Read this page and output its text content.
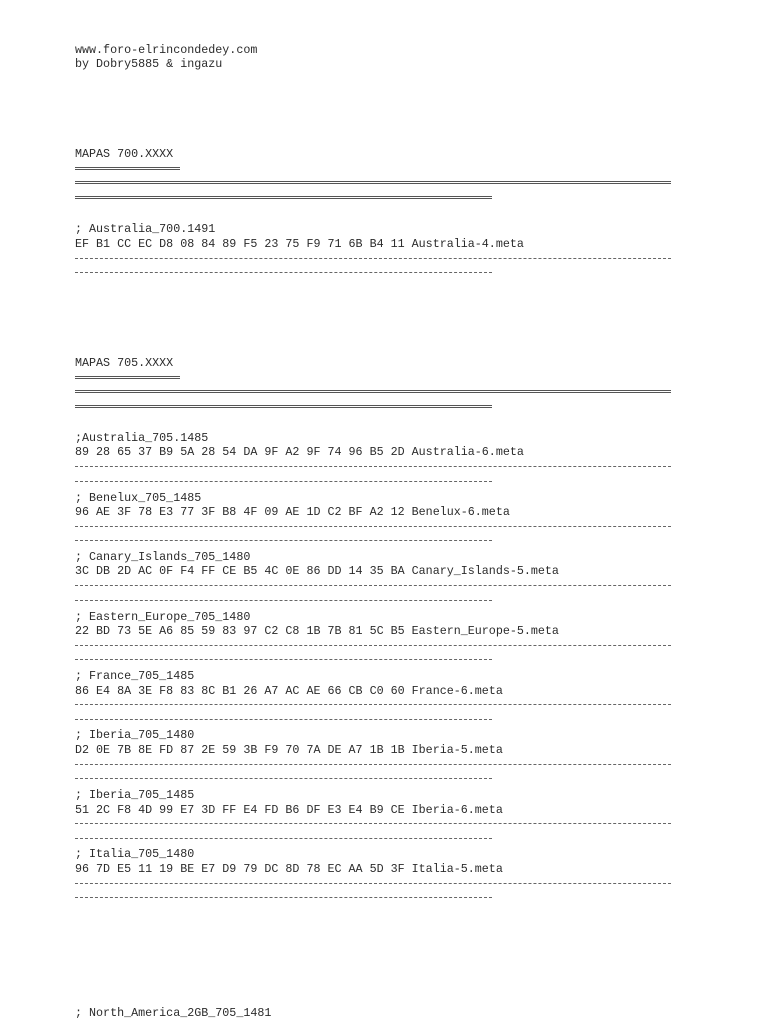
www.foro-elrincondedey.com
by Dobry5885 & ingazu
MAPAS 700.XXXX
; Australia_700.1491
EF B1 CC EC D8 08 84 89 F5 23 75 F9 71 6B B4 11 Australia-4.meta
MAPAS 705.XXXX
;Australia_705.1485
89 28 65 37 B9 5A 28 54 DA 9F A2 9F 74 96 B5 2D Australia-6.meta
; Benelux_705_1485
96 AE 3F 78 E3 77 3F B8 4F 09 AE 1D C2 BF A2 12 Benelux-6.meta
; Canary_Islands_705_1480
3C DB 2D AC 0F F4 FF CE B5 4C 0E 86 DD 14 35 BA Canary_Islands-5.meta
; Eastern_Europe_705_1480
22 BD 73 5E A6 85 59 83 97 C2 C8 1B 7B 81 5C B5 Eastern_Europe-5.meta
; France_705_1485
86 E4 8A 3E F8 83 8C B1 26 A7 AC AE 66 CB C0 60 France-6.meta
; Iberia_705_1480
D2 0E 7B 8E FD 87 2E 59 3B F9 70 7A DE A7 1B 1B Iberia-5.meta
; Iberia_705_1485
51 2C F8 4D 99 E7 3D FF E4 FD B6 DF E3 E4 B9 CE Iberia-6.meta
; Italia_705_1480
96 7D E5 11 19 BE E7 D9 79 DC 8D 78 EC AA 5D 3F Italia-5.meta
; North_America_2GB_705_1481
